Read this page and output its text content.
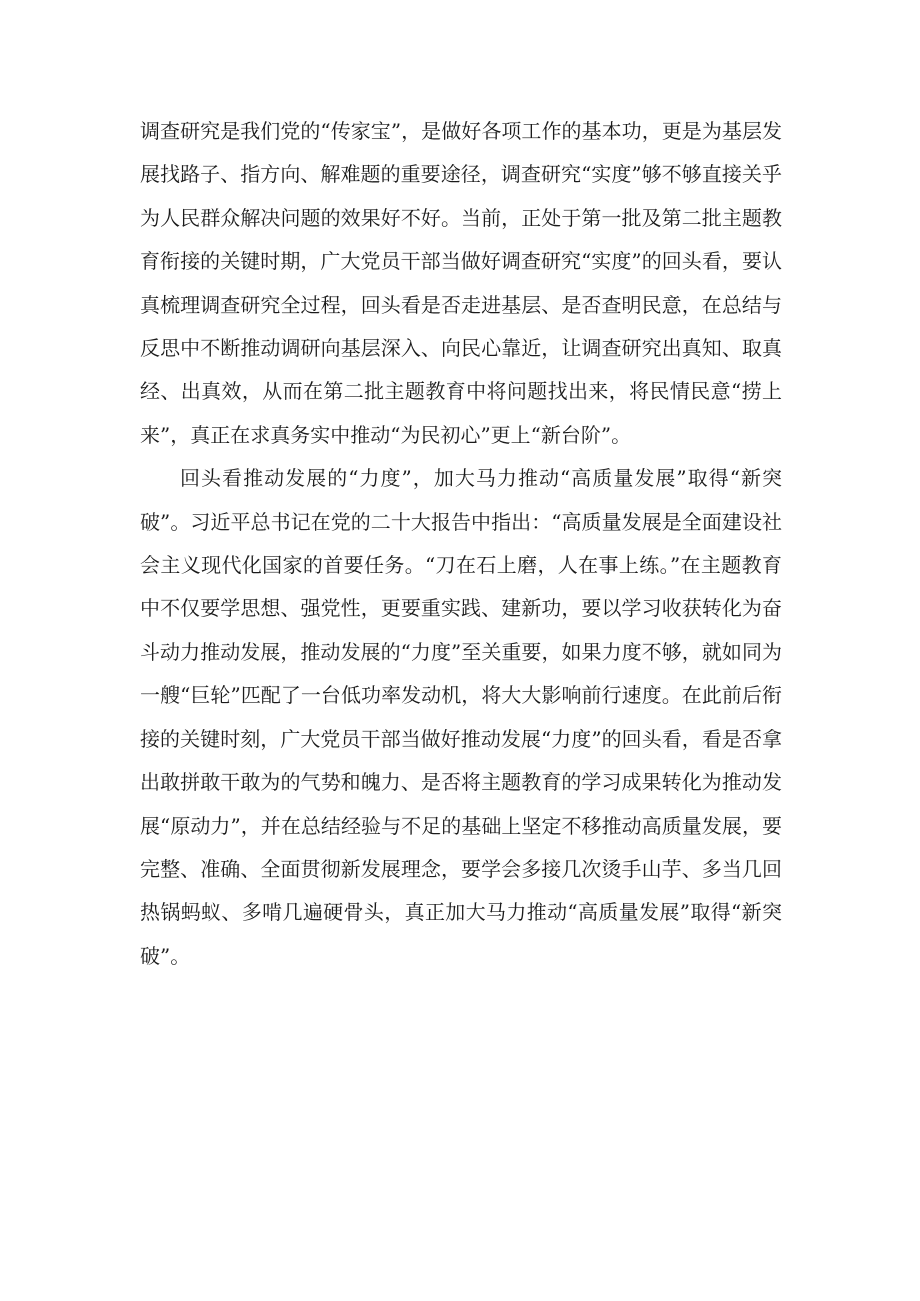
调查研究是我们党的“传家宝”，是做好各项工作的基本功，更是为基层发展找路子、指方向、解难题的重要途径，调查研究“实度”够不够直接关乎为人民群众解决问题的效果好不好。当前，正处于第一批及第二批主题教育衔接的关键时期，广大党员干部当做好调查研究“实度”的回头看，要认真梳理调查研究全过程，回头看是否走进基层、是否查明民意，在总结与反思中不断推动调研向基层深入、向民心靠近，让调查研究出真知、取真经、出真效，从而在第二批主题教育中将问题找出来，将民情民意“捞上来”，真正在求真务实中推动“为民初心”更上“新台阶”。

回头看推动发展的“力度”，加大马力推动“高质量发展”取得“新突破”。习近平总书记在党的二十大报告中指出：“高质量发展是全面建设社会主义现代化国家的首要任务。“刀在石上磨，人在事上练。”在主题教育中不仅要学思想、强党性，更要重实践、建新功，要以学习收获转化为奋斗动力推动发展，推动发展的“力度”至关重要，如果力度不够，就如同为一艘“巨轮”匹配了一台低功率发动机，将大大影响前行速度。在此前后衔接的关键时刻，广大党员干部当做好推动发展“力度”的回头看，看是否拿出敢拼敢干敢为的气势和魄力、是否将主题教育的学习成果转化为推动发展“原动力”，并在总结经验与不足的基础上坚定不移推动高质量发展，要完整、准确、全面贯彻新发展理念，要学会多接几次烫手山芋、多当几回热锅蚂蚁、多啃几遍硬骨头，真正加大马力推动“高质量发展”取得“新突破”。
